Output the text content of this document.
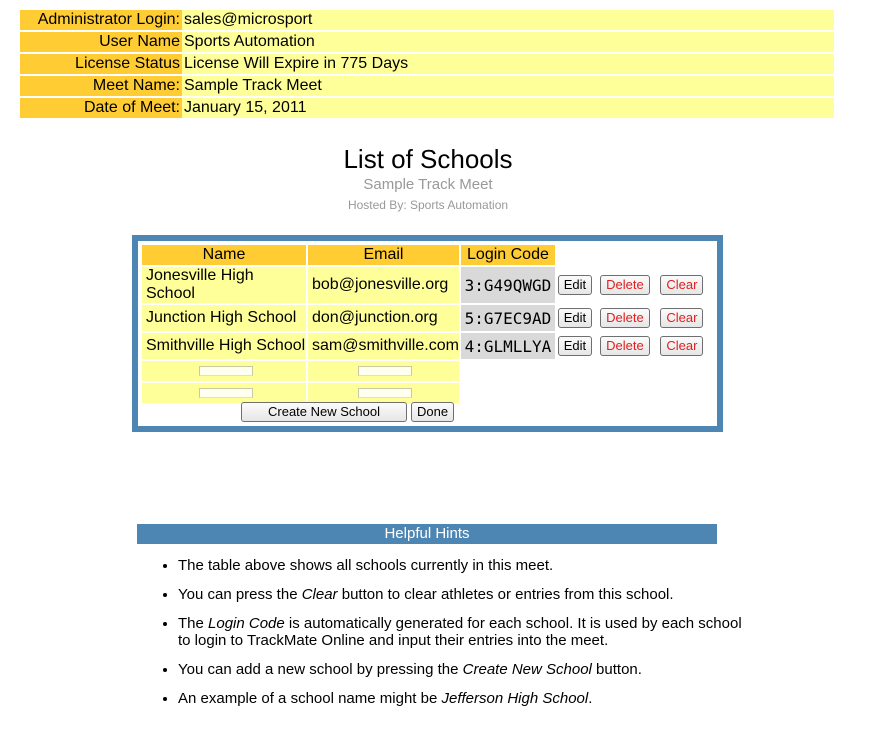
Administrator Login: sales@microsport
User Name Sports Automation
License Status License Will Expire in 775 Days
Meet Name: Sample Track Meet
Date of Meet: January 15, 2011
List of Schools
Sample Track Meet
Hosted By: Sports Automation
Name	Email	Login Code			
Jonesville High School	bob@jonesville.org	3:G49QWGD	Edit	Delete	Clear
Junction High School	don@junction.org	5:G7EC9AD	Edit	Delete	Clear
Smithville High School	sam@smithville.com	4:GLMLLYA	Edit	Delete	Clear

Create New School	Done
Helpful Hints
• The table above shows all schools currently in this meet.
• You can press the Clear button to clear athletes or entries from this school.
• The Login Code is automatically generated for each school. It is used by each school to login to TrackMate Online and input their entries into the meet.
• You can add a new school by pressing the Create New School button.
• An example of a school name might be Jefferson High School.
